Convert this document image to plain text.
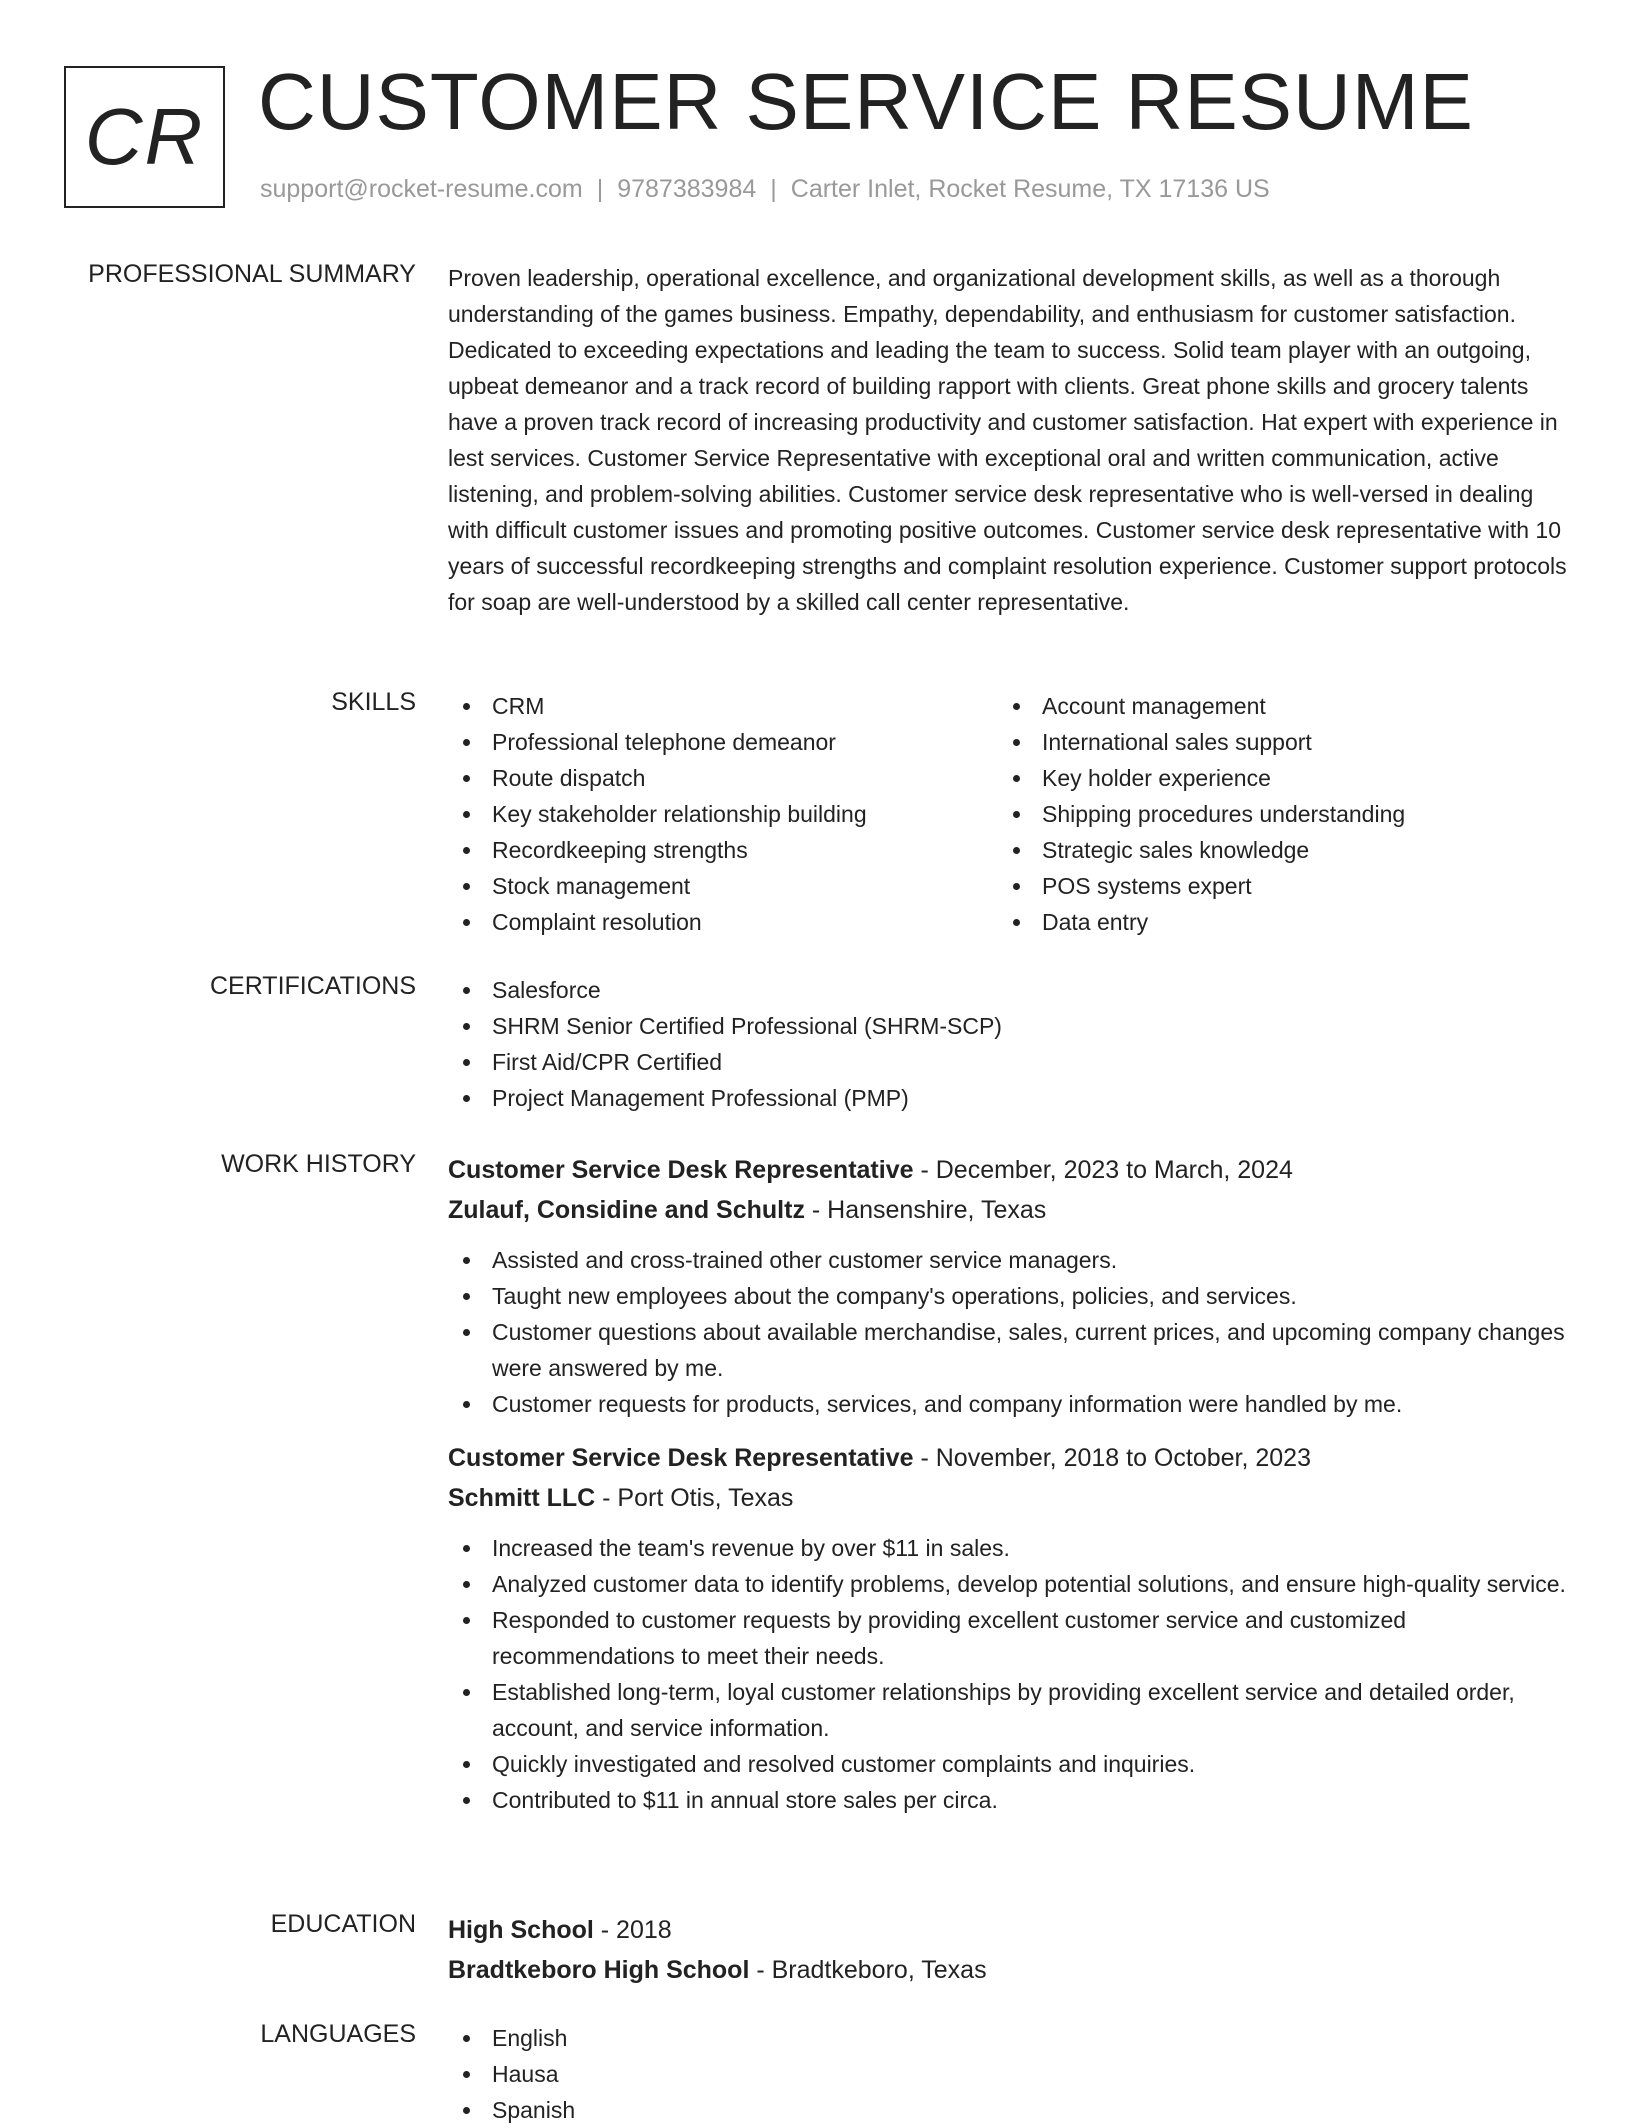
CR CUSTOMER SERVICE RESUME
support@rocket-resume.com | 9787383984 | Carter Inlet, Rocket Resume, TX 17136 US
PROFESSIONAL SUMMARY Proven leadership, operational excellence, and organizational development skills, as well as a thorough understanding of the games business. Empathy, dependability, and enthusiasm for customer satisfaction. Dedicated to exceeding expectations and leading the team to success. Solid team player with an outgoing, upbeat demeanor and a track record of building rapport with clients. Great phone skills and grocery talents have a proven track record of increasing productivity and customer satisfaction. Hat expert with experience in lest services. Customer Service Representative with exceptional oral and written communication, active listening, and problem-solving abilities. Customer service desk representative who is well-versed in dealing with difficult customer issues and promoting positive outcomes. Customer service desk representative with 10 years of successful recordkeeping strengths and complaint resolution experience. Customer support protocols for soap are well-understood by a skilled call center representative.

SKILLS	CRM
Professional telephone demeanor
Route dispatch
Key stakeholder relationship building
Recordkeeping strengths
Stock management
Complaint resolution
Account management
International sales support
Key holder experience
Shipping procedures understanding
Strategic sales knowledge
POS systems expert
Data entry
CERTIFICATIONS	Salesforce
SHRM Senior Certified Professional (SHRM-SCP)
First Aid/CPR Certified
Project Management Professional (PMP)
WORK HISTORY Customer Service Desk Representative - December, 2023 to March, 2024
Zulauf, Considine and Schultz - Hansenshire, Texas
Assisted and cross-trained other customer service managers.
Taught new employees about the company's operations, policies, and services.
Customer questions about available merchandise, sales, current prices, and upcoming company changes were answered by me.
Customer requests for products, services, and company information were handled by me.
Customer Service Desk Representative - November, 2018 to October, 2023
Schmitt LLC - Port Otis, Texas
Increased the team's revenue by over $11 in sales.
Analyzed customer data to identify problems, develop potential solutions, and ensure high-quality service.
Responded to customer requests by providing excellent customer service and customized recommendations to meet their needs.
Established long-term, loyal customer relationships by providing excellent service and detailed order, account, and service information.
Quickly investigated and resolved customer complaints and inquiries.
Contributed to $11 in annual store sales per circa.
EDUCATION High School - 2018
Bradtkeboro High School - Bradtkeboro, Texas
LANGUAGES	English
Hausa
Spanish
